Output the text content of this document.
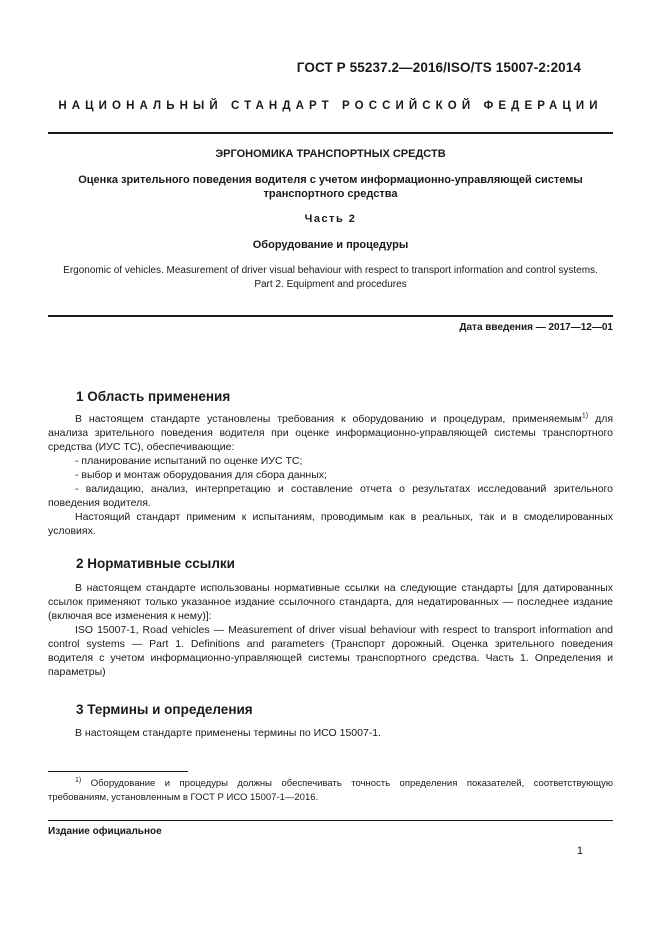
ГОСТ Р 55237.2—2016/ISO/TS 15007-2:2014
НАЦИОНАЛЬНЫЙ СТАНДАРТ РОССИЙСКОЙ ФЕДЕРАЦИИ
ЭРГОНОМИКА ТРАНСПОРТНЫХ СРЕДСТВ
Оценка зрительного поведения водителя с учетом информационно-управляющей системы
транспортного средства
Часть 2
Оборудование и процедуры
Ergonomic of vehicles. Measurement of driver visual behaviour with respect to transport information and control systems.
Part 2. Equipment and procedures
Дата введения — 2017—12—01
1 Область применения

В настоящем стандарте установлены требования к оборудованию и процедурам, применяемым$^{1)}$ для анализа зрительного поведения водителя при оценке информационно-управляющей системы транспортного средства (ИУС ТС), обеспечивающие:

- планирование испытаний по оценке ИУС ТС;

- выбор и монтаж оборудования для сбора данных;

- валидацию, анализ, интерпретацию и составление отчета о результатах исследований зрительного поведения водителя.

Настоящий стандарт применим к испытаниям, проводимым как в реальных, так и в смоделированных условиях.

2 Нормативные ссылки

В настоящем стандарте использованы нормативные ссылки на следующие стандарты [для датированных ссылок применяют только указанное издание ссылочного стандарта, для недатированных — последнее издание (включая все изменения к нему)]:

ISO 15007-1, Road vehicles — Measurement of driver visual behaviour with respect to transport information and control systems — Part 1. Definitions and parameters (Транспорт дорожный. Оценка зрительного поведения водителя с учетом информационно-управляющей системы транспортного средства. Часть 1. Определения и параметры)

3 Термины и определения

В настоящем стандарте применены термины по ИСО 15007-1.

$^{1)}$ Оборудование и процедуры должны обеспечивать точность определения показателей, соответствующую требованиям, установленным в ГОСТ Р ИСО 15007-1—2016.

Издание официальное
1
